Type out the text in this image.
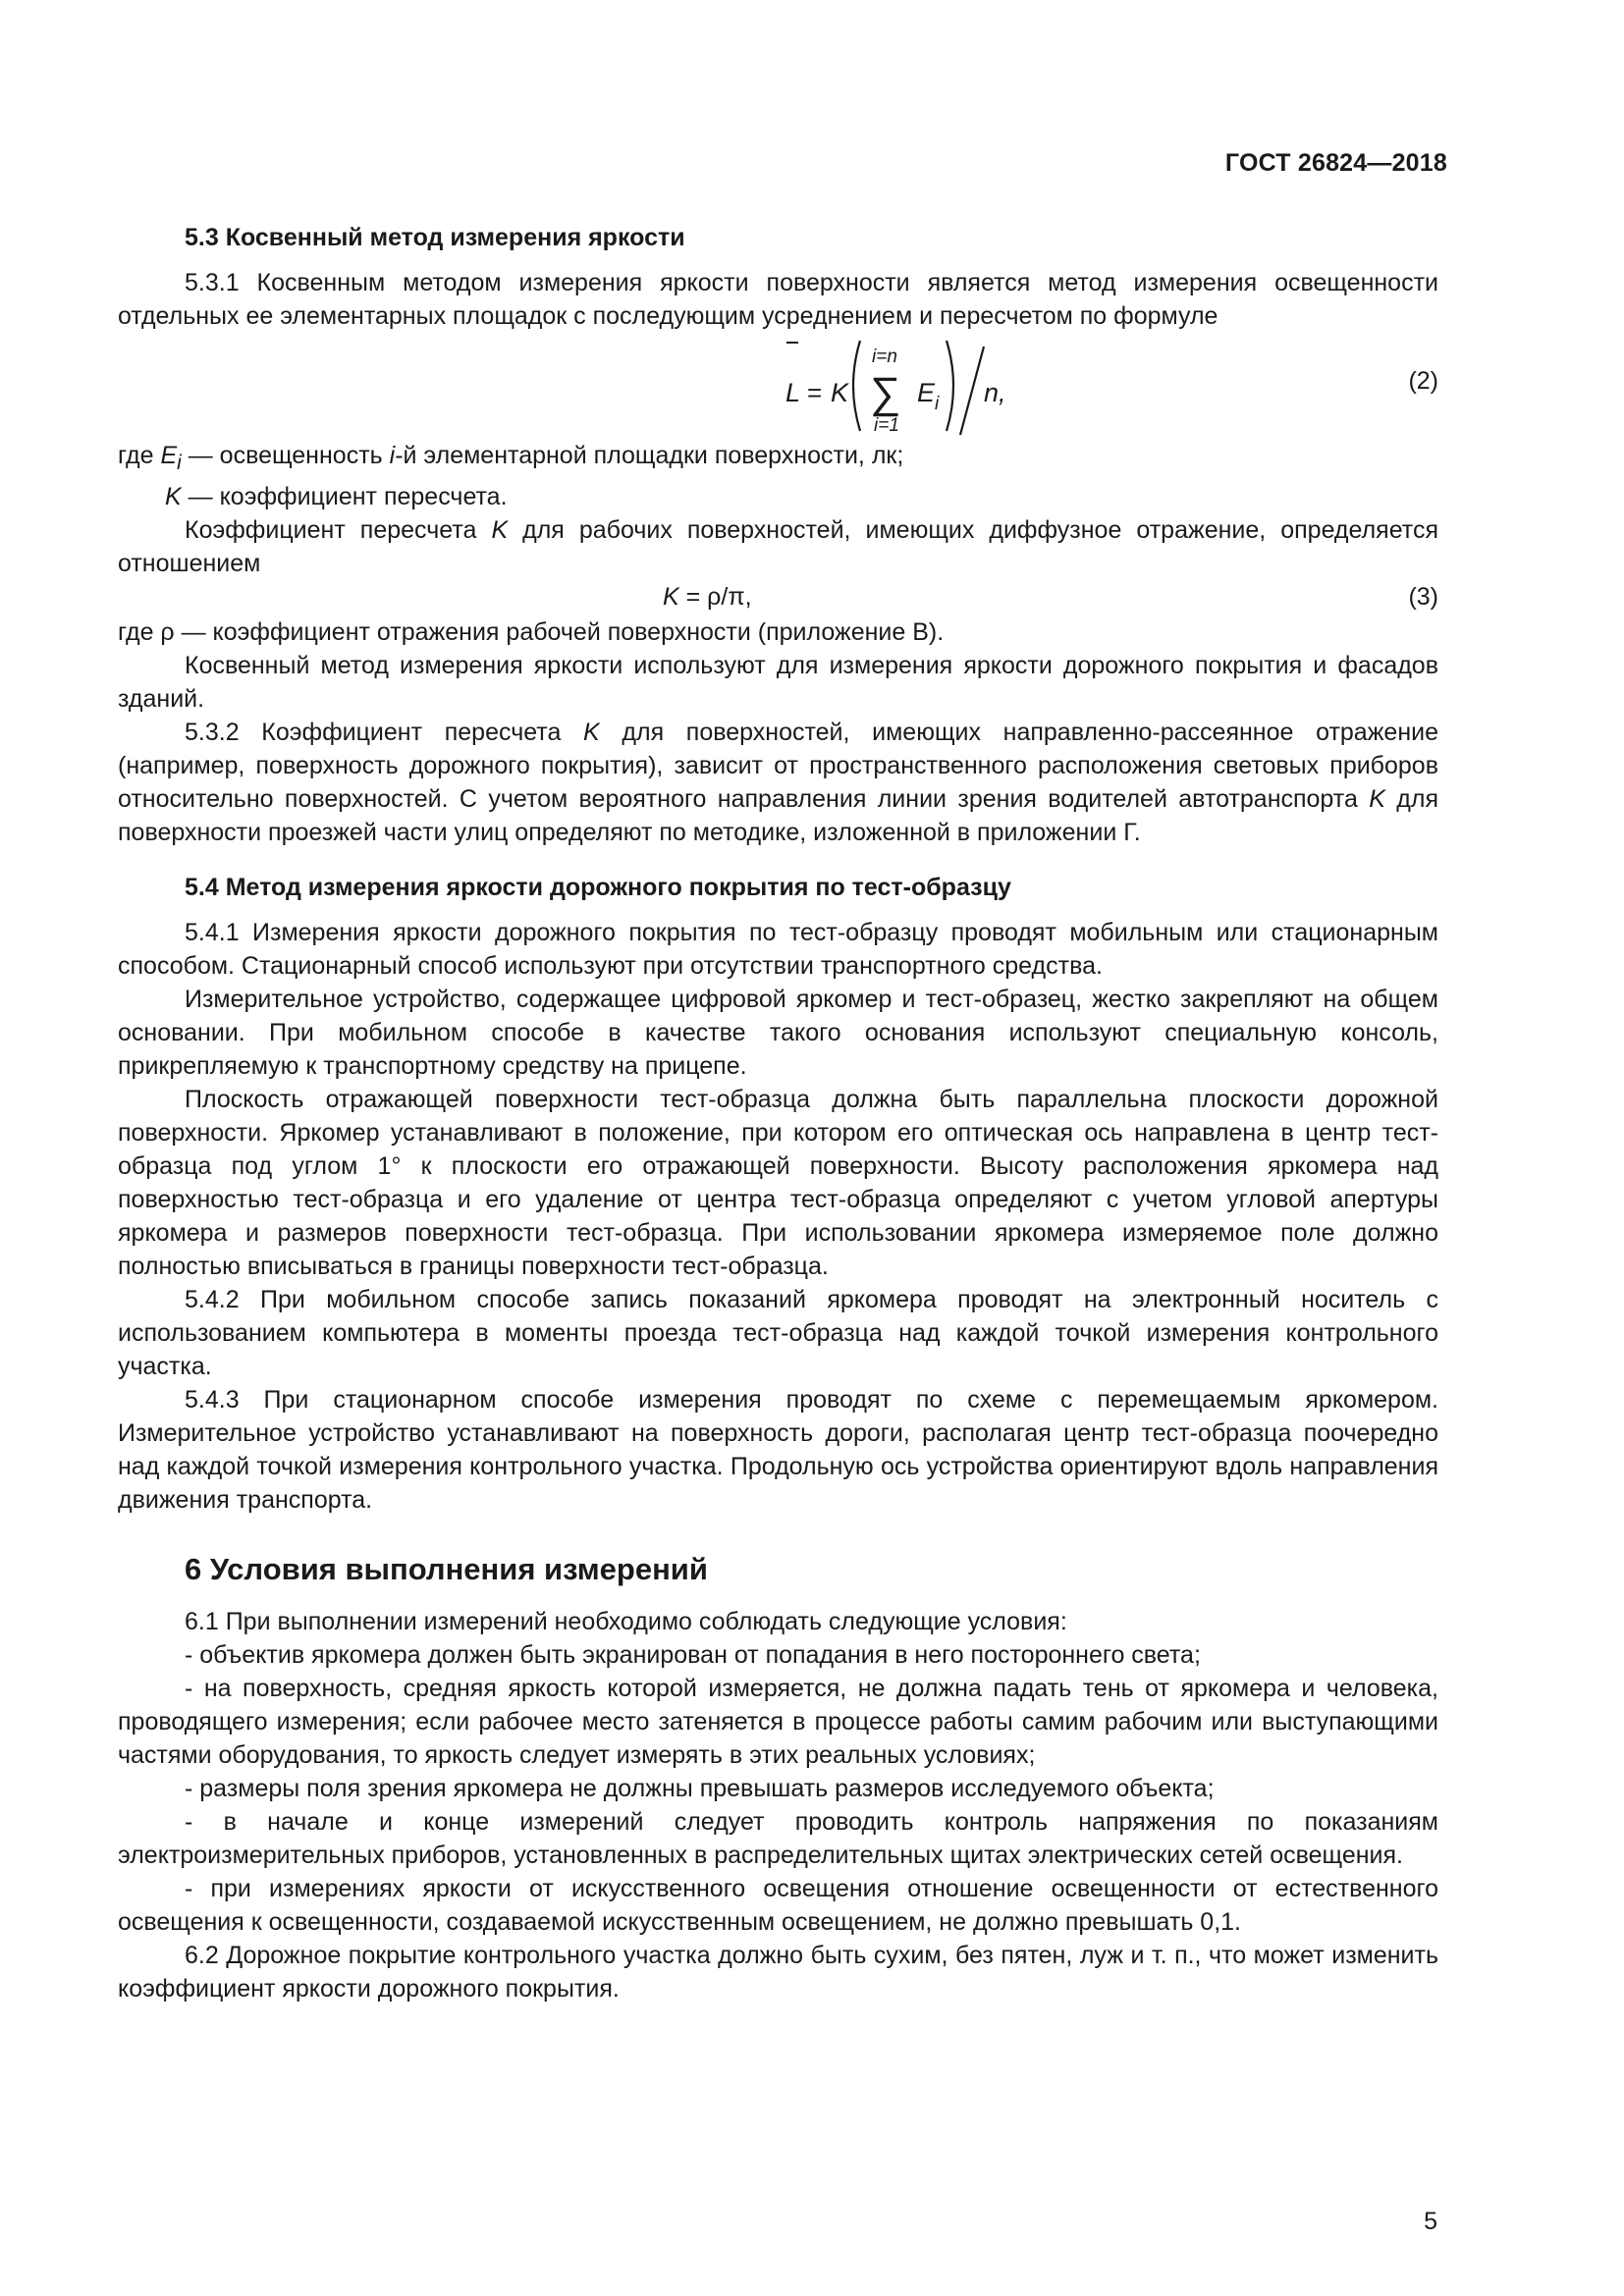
ГОСТ 26824—2018
5.3 Косвенный метод измерения яркости

5.3.1 Косвенным методом измерения яркости поверхности является метод измерения освещенности отдельных ее элементарных площадок с последующим усреднением и пересчетом по формуле

L = K
i=n
∑
i=1
E i n,	(2)

где $E_i$ — освещенность i-й элементарной площадки поверхности, лк;

K — коэффициент пересчета.

Коэффициент пересчета K для рабочих поверхностей, имеющих диффузное отражение, определяется отношением

K = ρ/π,	(3)

где ρ — коэффициент отражения рабочей поверхности (приложение В).

Косвенный метод измерения яркости используют для измерения яркости дорожного покрытия и фасадов зданий.

5.3.2 Коэффициент пересчета K для поверхностей, имеющих направленно-рассеянное отражение (например, поверхность дорожного покрытия), зависит от пространственного расположения световых приборов относительно поверхностей. С учетом вероятного направления линии зрения водителей автотранспорта K для поверхности проезжей части улиц определяют по методике, изложенной в приложении Г.

5.4 Метод измерения яркости дорожного покрытия по тест-образцу

5.4.1 Измерения яркости дорожного покрытия по тест-образцу проводят мобильным или стационарным способом. Стационарный способ используют при отсутствии транспортного средства.

Измерительное устройство, содержащее цифровой яркомер и тест-образец, жестко закрепляют на общем основании. При мобильном способе в качестве такого основания используют специальную консоль, прикрепляемую к транспортному средству на прицепе.

Плоскость отражающей поверхности тест-образца должна быть параллельна плоскости дорожной поверхности. Яркомер устанавливают в положение, при котором его оптическая ось направлена в центр тест-образца под углом 1° к плоскости его отражающей поверхности. Высоту расположения яркомера над поверхностью тест-образца и его удаление от центра тест-образца определяют с учетом угловой апертуры яркомера и размеров поверхности тест-образца. При использовании яркомера измеряемое поле должно полностью вписываться в границы поверхности тест-образца.

5.4.2 При мобильном способе запись показаний яркомера проводят на электронный носитель с использованием компьютера в моменты проезда тест-образца над каждой точкой измерения контрольного участка.

5.4.3 При стационарном способе измерения проводят по схеме с перемещаемым яркомером. Измерительное устройство устанавливают на поверхность дороги, располагая центр тест-образца поочередно над каждой точкой измерения контрольного участка. Продольную ось устройства ориентируют вдоль направления движения транспорта.

6 Условия выполнения измерений

6.1 При выполнении измерений необходимо соблюдать следующие условия:

- объектив яркомера должен быть экранирован от попадания в него постороннего света;

- на поверхность, средняя яркость которой измеряется, не должна падать тень от яркомера и человека, проводящего измерения; если рабочее место затеняется в процессе работы самим рабочим или выступающими частями оборудования, то яркость следует измерять в этих реальных условиях;

- размеры поля зрения яркомера не должны превышать размеров исследуемого объекта;

- в начале и конце измерений следует проводить контроль напряжения по показаниям электроизмерительных приборов, установленных в распределительных щитах электрических сетей освещения.

- при измерениях яркости от искусственного освещения отношение освещенности от естественного освещения к освещенности, создаваемой искусственным освещением, не должно превышать 0,1.

6.2 Дорожное покрытие контрольного участка должно быть сухим, без пятен, луж и т. п., что может изменить коэффициент яркости дорожного покрытия.

5
